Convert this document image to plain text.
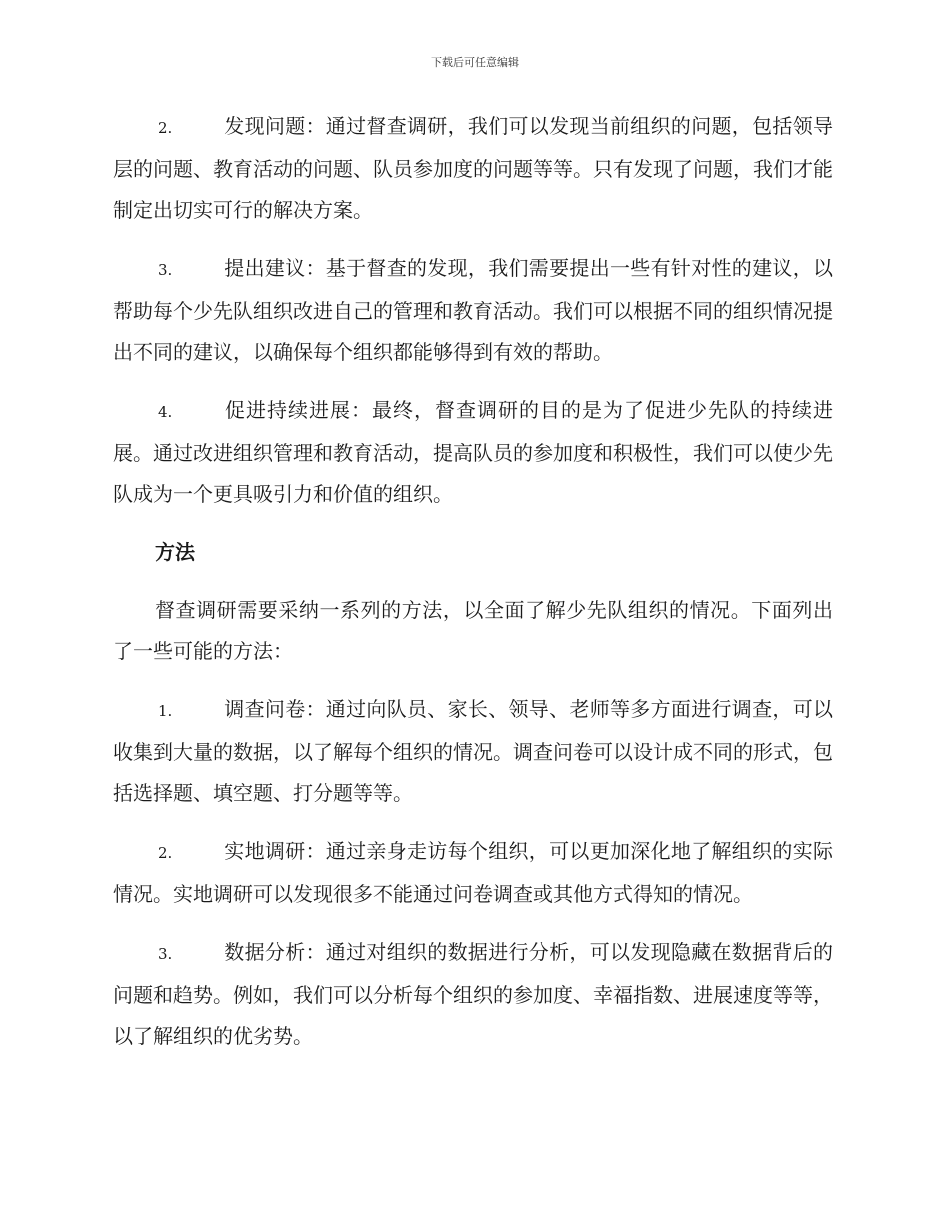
下载后可任意编辑

2.	发现问题：通过督查调研，我们可以发现当前组织的问题，包括领导层的问题、教育活动的问题、队员参加度的问题等等。只有发现了问题，我们才能制定出切实可行的解决方案。

3.	提出建议：基于督查的发现，我们需要提出一些有针对性的建议，以帮助每个少先队组织改进自己的管理和教育活动。我们可以根据不同的组织情况提出不同的建议，以确保每个组织都能够得到有效的帮助。

4.	促进持续进展：最终，督查调研的目的是为了促进少先队的持续进展。通过改进组织管理和教育活动，提高队员的参加度和积极性，我们可以使少先队成为一个更具吸引力和价值的组织。

方法

督查调研需要采纳一系列的方法，以全面了解少先队组织的情况。下面列出了一些可能的方法：

1.	调查问卷：通过向队员、家长、领导、老师等多方面进行调查，可以收集到大量的数据，以了解每个组织的情况。调查问卷可以设计成不同的形式，包括选择题、填空题、打分题等等。

2.	实地调研：通过亲身走访每个组织，可以更加深化地了解组织的实际情况。实地调研可以发现很多不能通过问卷调查或其他方式得知的情况。

3.	数据分析：通过对组织的数据进行分析，可以发现隐藏在数据背后的问题和趋势。例如，我们可以分析每个组织的参加度、幸福指数、进展速度等等，以了解组织的优劣势。
